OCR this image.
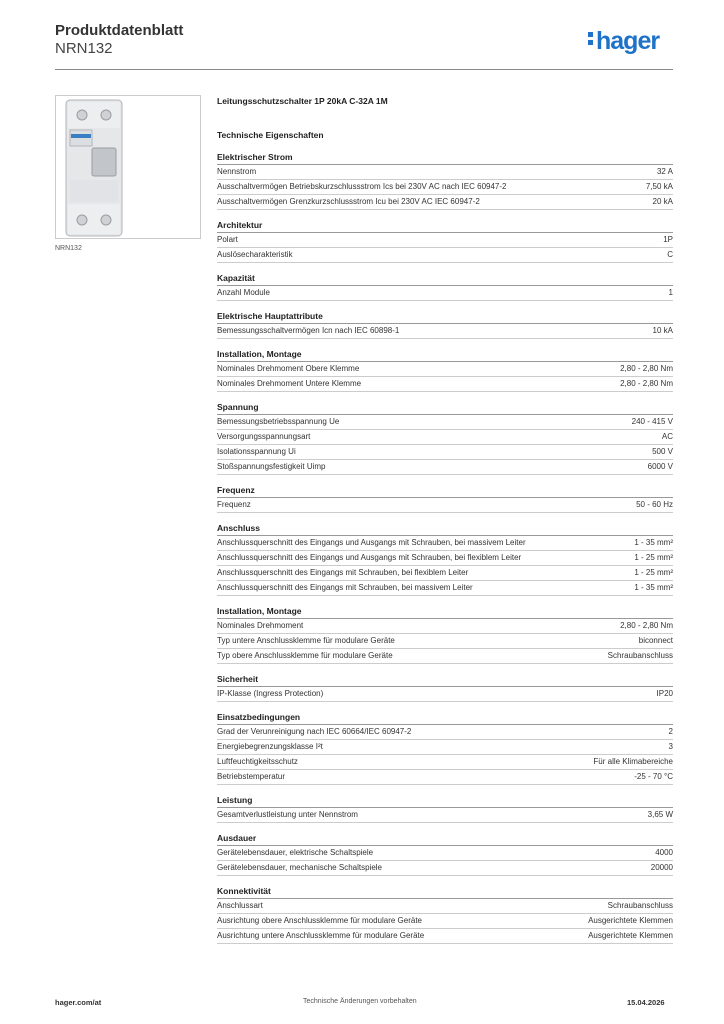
Produktdatenblatt
NRN132	hager
NRN132
Leitungsschutzschalter 1P 20kA C-32A 1M
Technische Eigenschaften
Elektrischer Strom
Nennstrom	32 A
Ausschaltvermögen Betriebskurzschlussstrom Ics bei 230V AC nach IEC 60947-2	7,50 kA
Ausschaltvermögen Grenzkurzschlussstrom Icu bei 230V AC IEC 60947-2	20 kA
Architektur
Polart	1P
Auslösecharakteristik	C
Kapazität
Anzahl Module	1
Elektrische Hauptattribute
Bemessungsschaltvermögen Icn nach IEC 60898-1	10 kA
Installation, Montage
Nominales Drehmoment Obere Klemme	2,80 - 2,80 Nm
Nominales Drehmoment Untere Klemme	2,80 - 2,80 Nm
Spannung
Bemessungsbetriebsspannung Ue	240 - 415 V
Versorgungsspannungsart	AC
Isolationsspannung Ui	500 V
Stoßspannungsfestigkeit Uimp	6000 V
Frequenz
Frequenz	50 - 60 Hz
Anschluss
Anschlussquerschnitt des Eingangs und Ausgangs mit Schrauben, bei massivem Leiter	1 - 35 mm²
Anschlussquerschnitt des Eingangs und Ausgangs mit Schrauben, bei flexiblem Leiter	1 - 25 mm²
Anschlussquerschnitt des Eingangs mit Schrauben, bei flexiblem Leiter	1 - 25 mm²
Anschlussquerschnitt des Eingangs mit Schrauben, bei massivem Leiter	1 - 35 mm²
Installation, Montage
Nominales Drehmoment	2,80 - 2,80 Nm
Typ untere Anschlussklemme für modulare Geräte	biconnect
Typ obere Anschlussklemme für modulare Geräte	Schraubanschluss
Sicherheit
IP-Klasse (Ingress Protection)	IP20
Einsatzbedingungen
Grad der Verunreinigung nach IEC 60664/IEC 60947-2	2
Energiebegrenzungsklasse I²t	3
Luftfeuchtigkeitsschutz	Für alle Klimabereiche
Betriebstemperatur	-25 - 70 °C
Leistung
Gesamtverlustleistung unter Nennstrom	3,65 W
Ausdauer
Gerätelebensdauer, elektrische Schaltspiele	4000
Gerätelebensdauer, mechanische Schaltspiele	20000
Konnektivität
Anschlussart	Schraubanschluss
Ausrichtung obere Anschlussklemme für modulare Geräte	Ausgerichtete Klemmen
Ausrichtung untere Anschlussklemme für modulare Geräte	Ausgerichtete Klemmen
hager.com/at	Technische Änderungen vorbehalten	15.04.2026
